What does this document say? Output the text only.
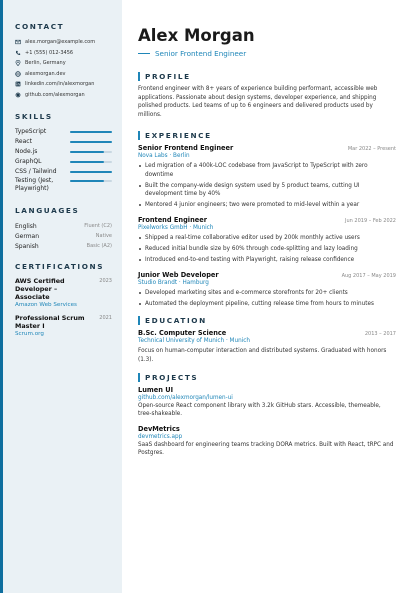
CONTACT
alex.morgan@example.com
+1 (555) 012-3456
Berlin, Germany
alexmorgan.dev
linkedin.com/in/alexmorgan
github.com/alexmorgan
SKILLS
TypeScript
React
Node.js
GraphQL
CSS / Tailwind
Testing (Jest, Playwright)
LANGUAGES
English	Fluent (C2)
German	Native
Spanish	Basic (A2)
CERTIFICATIONS
AWS Certified Developer – Associate
2023
Amazon Web Services
Professional Scrum Master I
2021
Scrum.org
Alex Morgan
Senior Frontend Engineer
PROFILE

Frontend engineer with 8+ years of experience building performant, accessible web applications. Passionate about design systems, developer experience, and shipping polished products. Led teams of up to 6 engineers and delivered products used by millions.

EXPERIENCE
Senior Frontend Engineer	Mar 2022 – Present
Nova Labs · Berlin
Led migration of a 400k-LOC codebase from JavaScript to TypeScript with zero downtime
Built the company-wide design system used by 5 product teams, cutting UI development time by 40%
Mentored 4 junior engineers; two were promoted to mid-level within a year
Frontend Engineer	Jun 2019 – Feb 2022
Pixelworks GmbH · Munich
Shipped a real-time collaborative editor used by 200k monthly active users
Reduced initial bundle size by 60% through code-splitting and lazy loading
Introduced end-to-end testing with Playwright, raising release confidence
Junior Web Developer	Aug 2017 – May 2019
Studio Brandt · Hamburg
Developed marketing sites and e-commerce storefronts for 20+ clients
Automated the deployment pipeline, cutting release time from hours to minutes
EDUCATION
B.Sc. Computer Science	2013 – 2017
Technical University of Munich · Munich

Focus on human-computer interaction and distributed systems. Graduated with honors (1.3).

PROJECTS
Lumen UI
github.com/alexmorgan/lumen-ui

Open-source React component library with 3.2k GitHub stars. Accessible, themeable, tree-shakeable.

DevMetrics
devmetrics.app

SaaS dashboard for engineering teams tracking DORA metrics. Built with React, tRPC and Postgres.
